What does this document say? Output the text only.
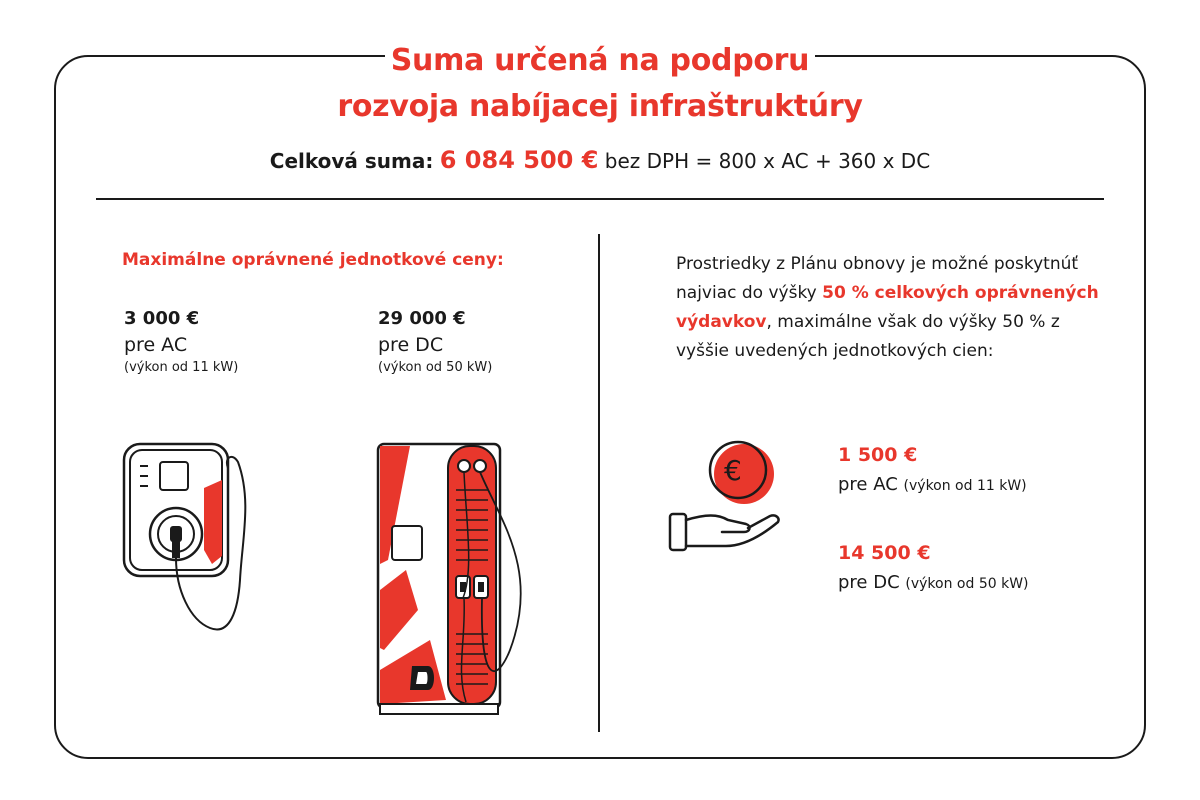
Suma určená na podporu
rozvoja nabíjacej infraštruktúry
Celková suma: 6 084 500 € bez DPH = 800 x AC + 360 x DC
Maximálne oprávnené jednotkové ceny:
3 000 €
pre AC
(výkon od 11 kW)
29 000 €
pre DC
(výkon od 50 kW)
Prostriedky z Plánu obnovy je možné poskytnúť najviac do výšky 50 % celkových oprávnených výdavkov, maximálne však do výšky 50 % z vyššie uvedených jednotkových cien:
€	1 500 €
pre AC (výkon od 11 kW)
14 500 €
pre DC (výkon od 50 kW)
